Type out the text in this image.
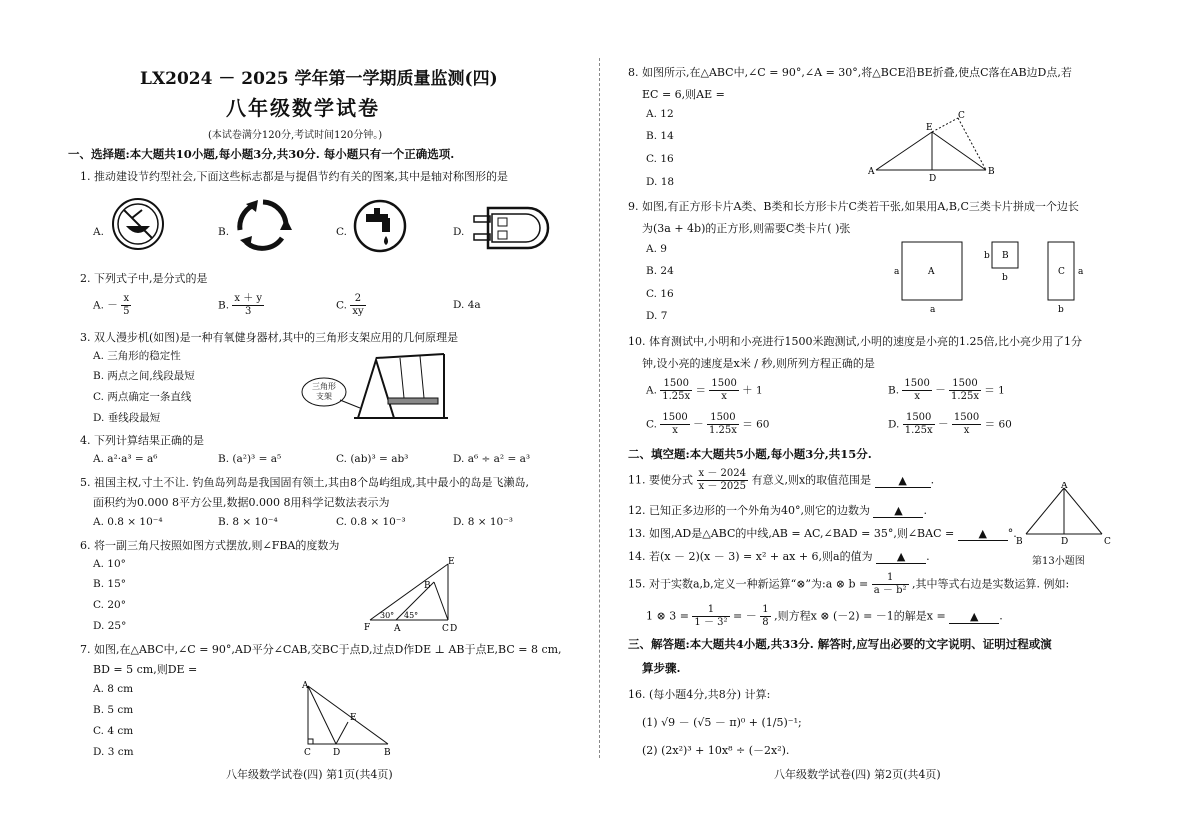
LX2024 － 2025 学年第一学期质量监测(四)
八年级数学试卷
(本试卷满分120分,考试时间120分钟。)
一、选择题:本大题共10小题,每小题3分,共30分. 每小题只有一个正确选项.
1. 推动建设节约型社会,下面这些标志都是与提倡节约有关的图案,其中是轴对称图形的是
A.	B.	C.	D.
2. 下列式子中,是分式的是
A. － $\frac{x}{5}$	B. $\frac{x + y}{3}$	C. $\frac{2}{xy}$	D. 4a
3. 双人漫步机(如图)是一种有氧健身器材,其中的三角形支架应用的几何原理是
A. 三角形的稳定性
B. 两点之间,线段最短
C. 两点确定一条直线
D. 垂线段最短
三角形支架
4. 下列计算结果正确的是
A. a²·a³ = a⁶	B. (a²)³ = a⁵	C. (ab)³ = ab³	D. a⁶ ÷ a² = a³
5. 祖国主权,寸土不让. 钓鱼岛列岛是我国固有领土,其由8个岛屿组成,其中最小的岛是飞濑岛,
面积约为0.000 8平方公里,数据0.000 8用科学记数法表示为
A. 0.8 × 10⁻⁴	B. 8 × 10⁻⁴	C. 0.8 × 10⁻³	D. 8 × 10⁻³
6. 将一副三角尺按照如图方式摆放,则∠FBA的度数为
A. 10°
B. 15°
C. 20°
D. 25°
E
B
F	A	C D
30° 45°
7. 如图,在△ABC中,∠C = 90°,AD平分∠CAB,交BC于点D,过点D作DE ⊥ AB于点E,BC = 8 cm,
BD = 5 cm,则DE =
A. 8 cm
B. 5 cm
C. 4 cm
D. 3 cm
A
E
C D	B
八年级数学试卷(四) 第1页(共4页)
8. 如图所示,在△ABC中,∠C = 90°,∠A = 30°,将△BCE沿BE折叠,使点C落在AB边D点,若
EC = 6,则AE =
A. 12
B. 14
C. 16
D. 18
C
E
A
D
B
9. 如图,有正方形卡片A类、B类和长方形卡片C类若干张,如果用A,B,C三类卡片拼成一个边长
为(3a + 4b)的正方形,则需要C类卡片( )张
A. 9
B. 24
C. 16
D. 7
A
a
a
B
b
b
C a
b
10. 体育测试中,小明和小亮进行1500米跑测试,小明的速度是小亮的1.25倍,比小亮少用了1分
钟,设小亮的速度是x米 / 秒,则所列方程正确的是
A. $\frac{1500}{1.25x} = \frac{1500}{x} + 1$	B. $\frac{1500}{x} - \frac{1500}{1.25x} = 1$
C. $\frac{1500}{x} - \frac{1500}{1.25x} = 60$	D. $\frac{1500}{1.25x} - \frac{1500}{x} = 60$
二、填空题:本大题共5小题,每小题3分,共15分.
11. 要使分式 $\frac{x - 2024}{x - 2025}$ 有意义,则x的取值范围是 ▲ .
12. 已知正多边形的一个外角为40°,则它的边数为 ▲ .
13. 如图,AD是△ABC的中线,AB = AC,∠BAD = 35°,则∠BAC = ▲ °.
A
B	D	C
第13小题图
14. 若(x － 2)(x － 3) = x² + ax + 6,则a的值为 ▲ .
15. 对于实数a,b,定义一种新运算“⊗”为:a ⊗ $b = \frac{1}{\text{a － b²}}$ ,其中等式右边是实数运算. 例如:
1 ⊗ $3 = \frac{1}{\text{1 － 3²}}$ = － $\frac{1}{8}$ ,则方程x ⊗ (－2) = －1的解是x = ▲ .
三、解答题:本大题共4小题,共33分. 解答时,应写出必要的文字说明、证明过程或演
算步骤.
16. (每小题4分,共8分) 计算:
(1) √9 － (√5 － π)⁰ + (1/5)⁻¹;
(2) (2x²)³ + 10x⁸ ÷ (－2x²).
八年级数学试卷(四) 第2页(共4页)
